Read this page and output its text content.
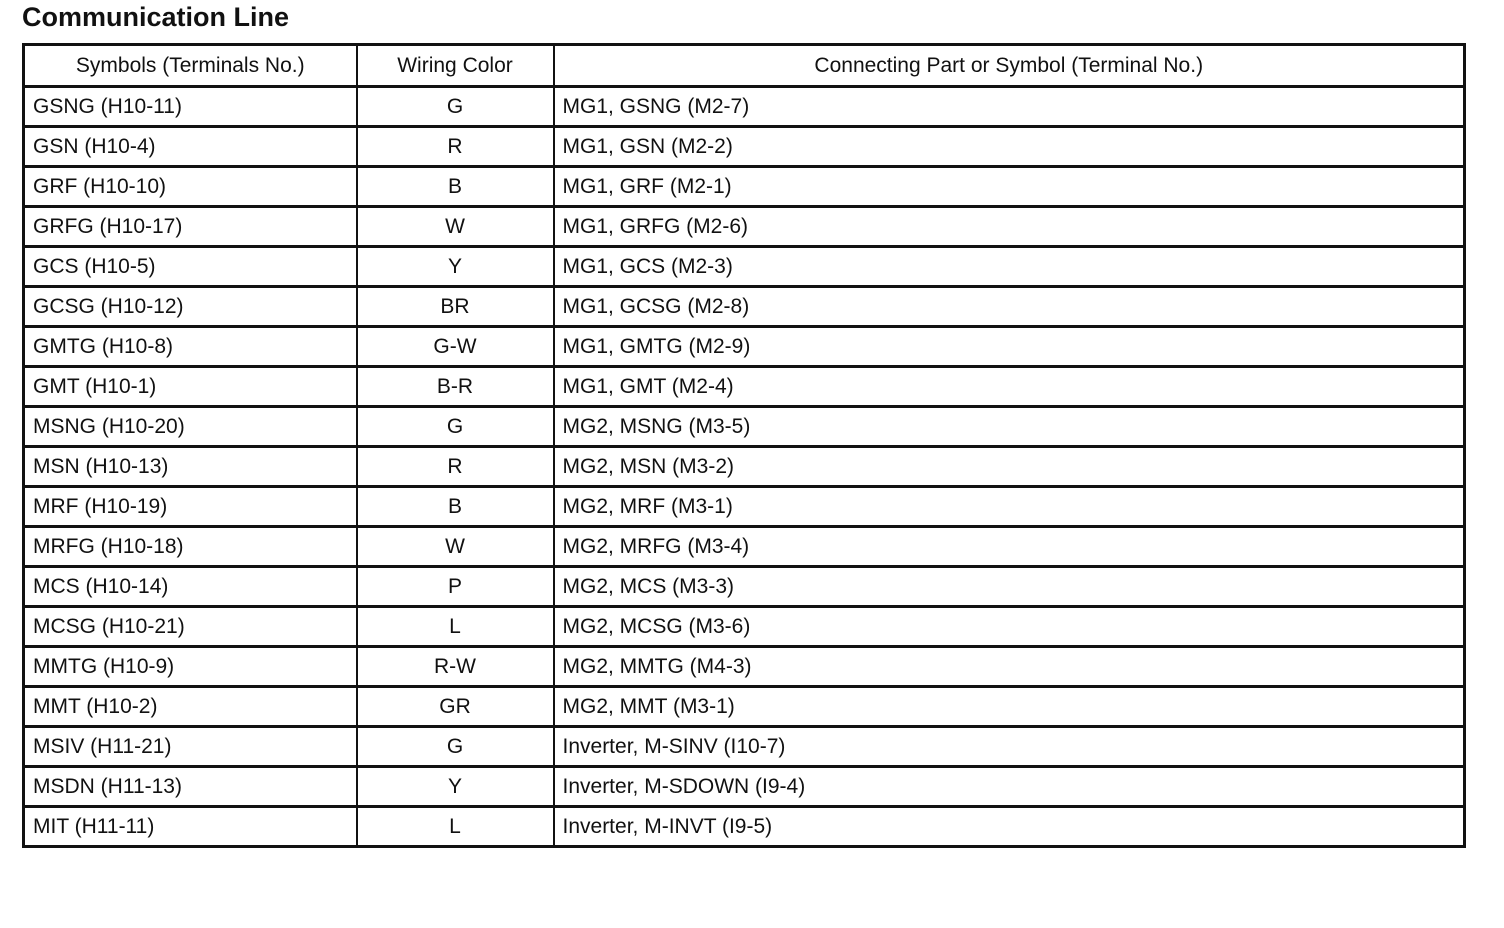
Communication Line
Symbols (Terminals No.)	Wiring Color	Connecting Part or Symbol (Terminal No.)
GSNG (H10-11)	G	MG1, GSNG (M2-7)
GSN (H10-4)	R	MG1, GSN (M2-2)
GRF (H10-10)	B	MG1, GRF (M2-1)
GRFG (H10-17)	W	MG1, GRFG (M2-6)
GCS (H10-5)	Y	MG1, GCS (M2-3)
GCSG (H10-12)	BR	MG1, GCSG (M2-8)
GMTG (H10-8)	G-W	MG1, GMTG (M2-9)
GMT (H10-1)	B-R	MG1, GMT (M2-4)
MSNG (H10-20)	G	MG2, MSNG (M3-5)
MSN (H10-13)	R	MG2, MSN (M3-2)
MRF (H10-19)	B	MG2, MRF (M3-1)
MRFG (H10-18)	W	MG2, MRFG (M3-4)
MCS (H10-14)	P	MG2, MCS (M3-3)
MCSG (H10-21)	L	MG2, MCSG (M3-6)
MMTG (H10-9)	R-W	MG2, MMTG (M4-3)
MMT (H10-2)	GR	MG2, MMT (M3-1)
MSIV (H11-21)	G	Inverter, M-SINV (I10-7)
MSDN (H11-13)	Y	Inverter, M-SDOWN (I9-4)
MIT (H11-11)	L	Inverter, M-INVT (I9-5)
